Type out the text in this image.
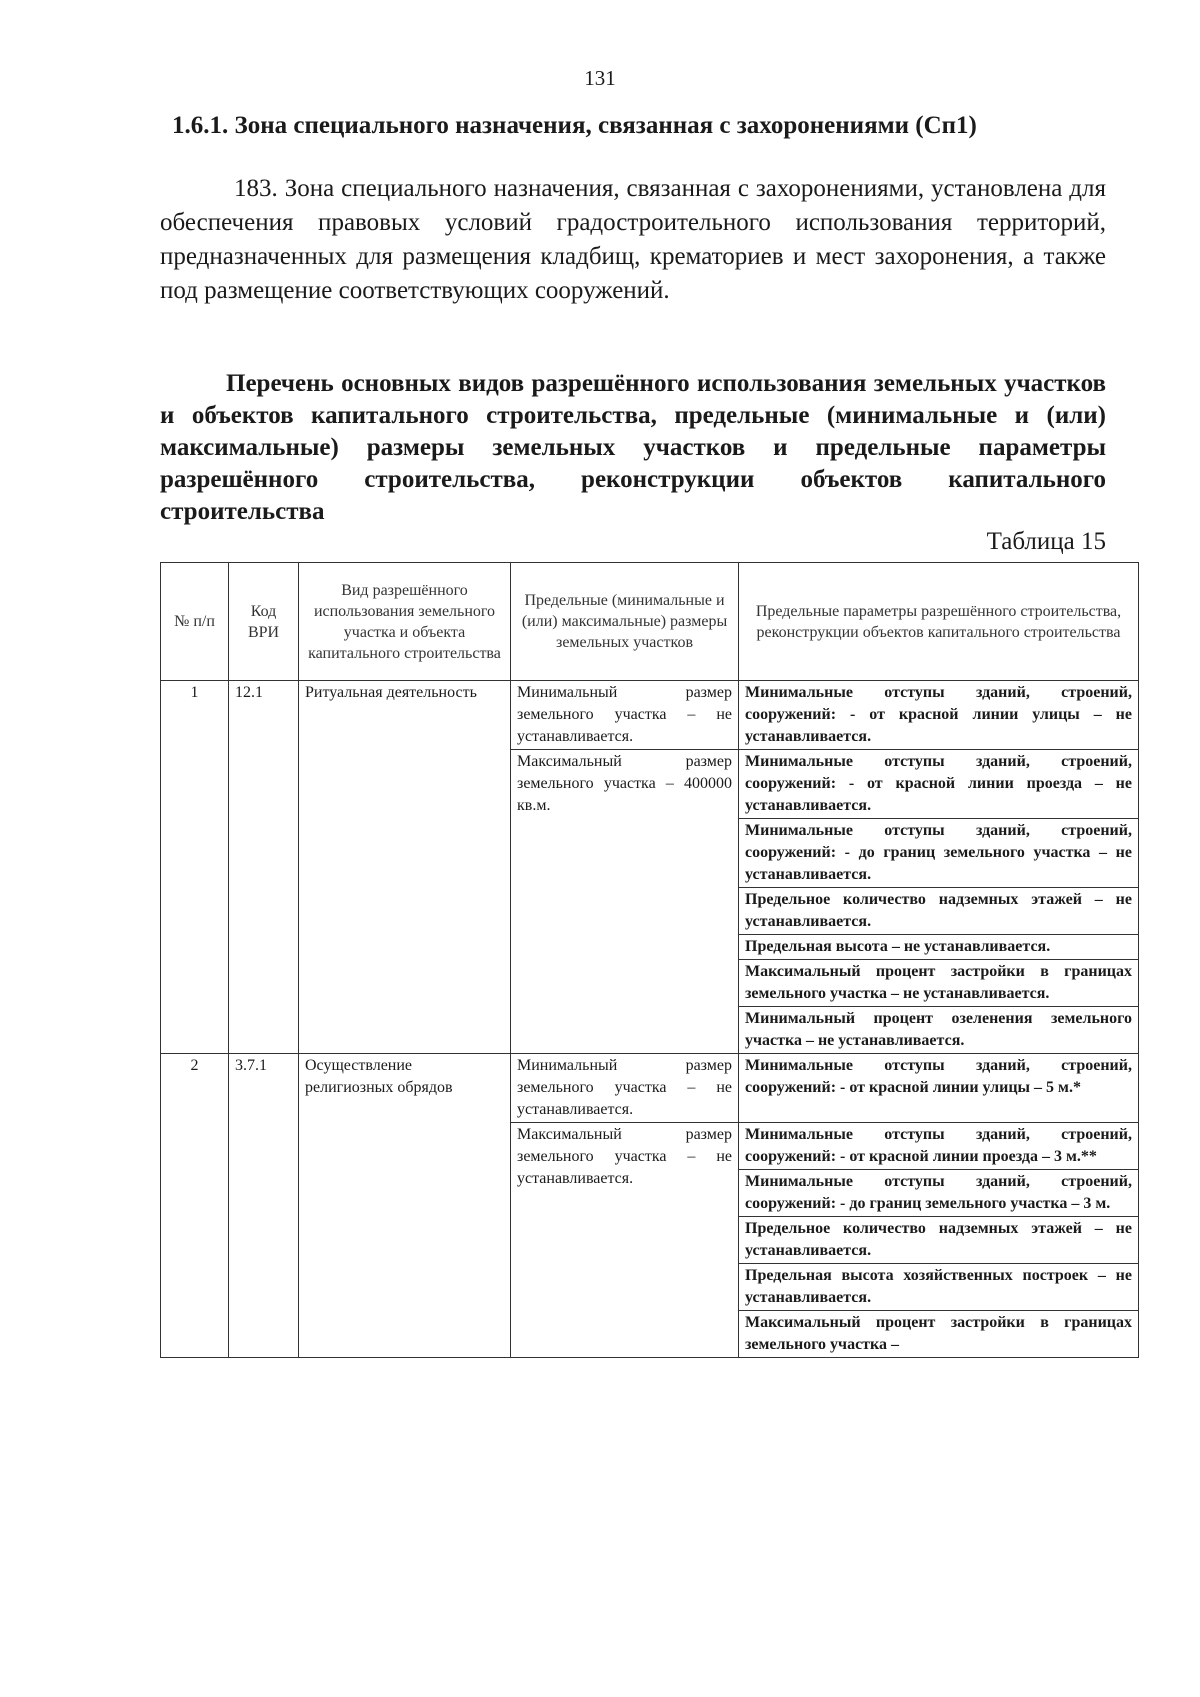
131
1.6.1. Зона специального назначения, связанная с захоронениями (Сп1)
183. Зона специального назначения, связанная с захоронениями, установлена для обеспечения правовых условий градостроительного использования территорий, предназначенных для размещения кладбищ, крематориев и мест захоронения, а также под размещение соответствующих сооружений.
Перечень основных видов разрешённого использования земельных участков и объектов капитального строительства, предельные (минимальные и (или) максимальные) размеры земельных участков и предельные параметры разрешённого строительства, реконструкции объектов капитального строительства
Таблица 15
№ п/п	Код ВРИ	Вид разрешённого использования земельного участка и объекта капитального строительства	Предельные (минимальные и (или) максимальные) размеры земельных участков	Предельные параметры разрешённого строительства, реконструкции объектов капитального строительства
1	12.1	Ритуальная деятельность	Минимальный размер земельного участка – не устанавливается.	Минимальные отступы зданий, строений, сооружений: - от красной линии улицы – не устанавливается.
			Максимальный размер земельного участка – 400000 кв.м.	Минимальные отступы зданий, строений, сооружений: - от красной линии проезда – не устанавливается.
				Минимальные отступы зданий, строений, сооружений: - до границ земельного участка – не устанавливается.
				Предельное количество надземных этажей – не устанавливается.
				Предельная высота – не устанавливается.
				Максимальный процент застройки в границах земельного участка – не устанавливается.
				Минимальный процент озеленения земельного участка – не устанавливается.
2	3.7.1	Осуществление религиозных обрядов	Минимальный размер земельного участка – не устанавливается.	Минимальные отступы зданий, строений, сооружений: - от красной линии улицы – 5 м.*
			Максимальный размер земельного участка – не устанавливается.	Минимальные отступы зданий, строений, сооружений: - от красной линии проезда – 3 м.**
				Минимальные отступы зданий, строений, сооружений: - до границ земельного участка – 3 м.
				Предельное количество надземных этажей – не устанавливается.
				Предельная высота хозяйственных построек – не устанавливается.
				Максимальный процент застройки в границах земельного участка –
